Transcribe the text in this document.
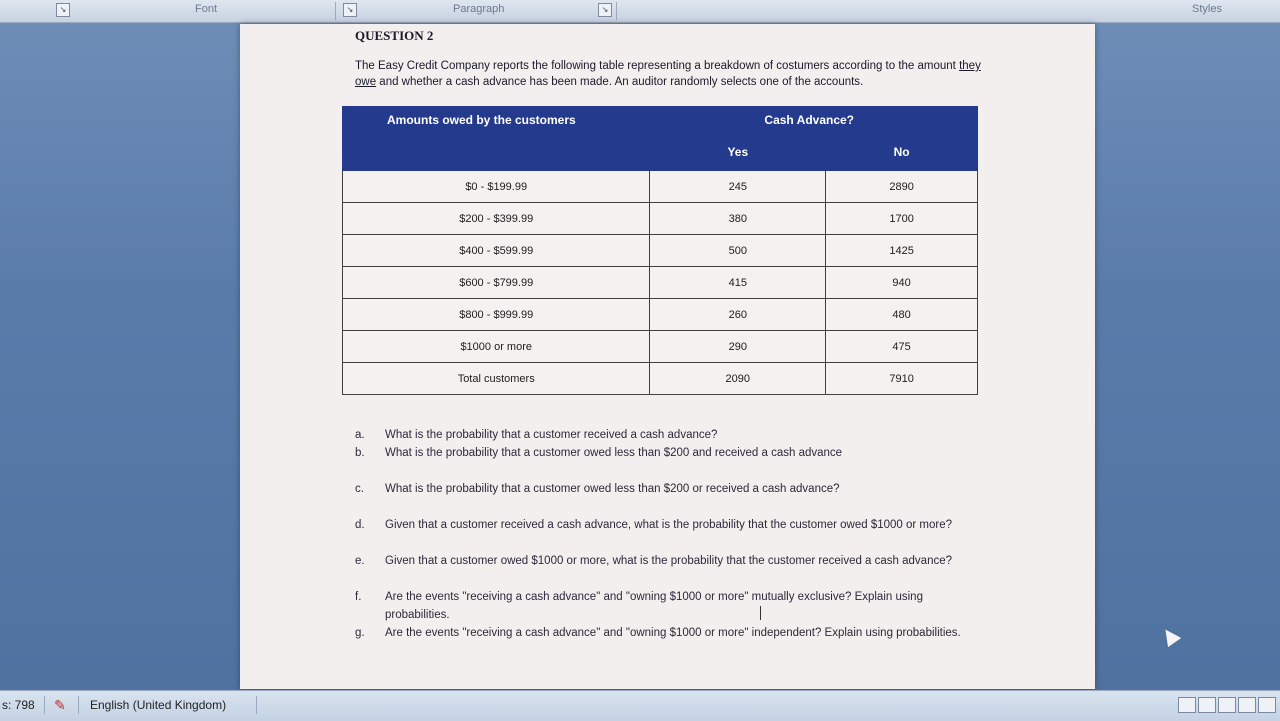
↘	Font	↘	Paragraph	↘	Styles
QUESTION 2
The Easy Credit Company reports the following table representing a breakdown of costumers according to the amount they owe and whether a cash advance has been made. An auditor randomly selects one of the accounts.
Amounts owed by the customers	Cash Advance?	
	Yes	No
$0 - $199.99	245	2890
$200 - $399.99	380	1700
$400 - $599.99	500	1425
$600 - $799.99	415	940
$800 - $999.99	260	480
$1000 or more	290	475
Total customers	2090	7910
a. What is the probability that a customer received a cash advance?
b. What is the probability that a customer owed less than $200 and received a cash advance
c. What is the probability that a customer owed less than $200 or received a cash advance?
d. Given that a customer received a cash advance, what is the probability that the customer owed $1000 or more?
e. Given that a customer owed $1000 or more, what is the probability that the customer received a cash advance?
f. Are the events "receiving a cash advance" and "owning $1000 or more" mutually exclusive? Explain using probabilities.
g. Are the events "receiving a cash advance" and "owning $1000 or more" independent? Explain using probabilities.
s: 798 ✎ English (United Kingdom)
